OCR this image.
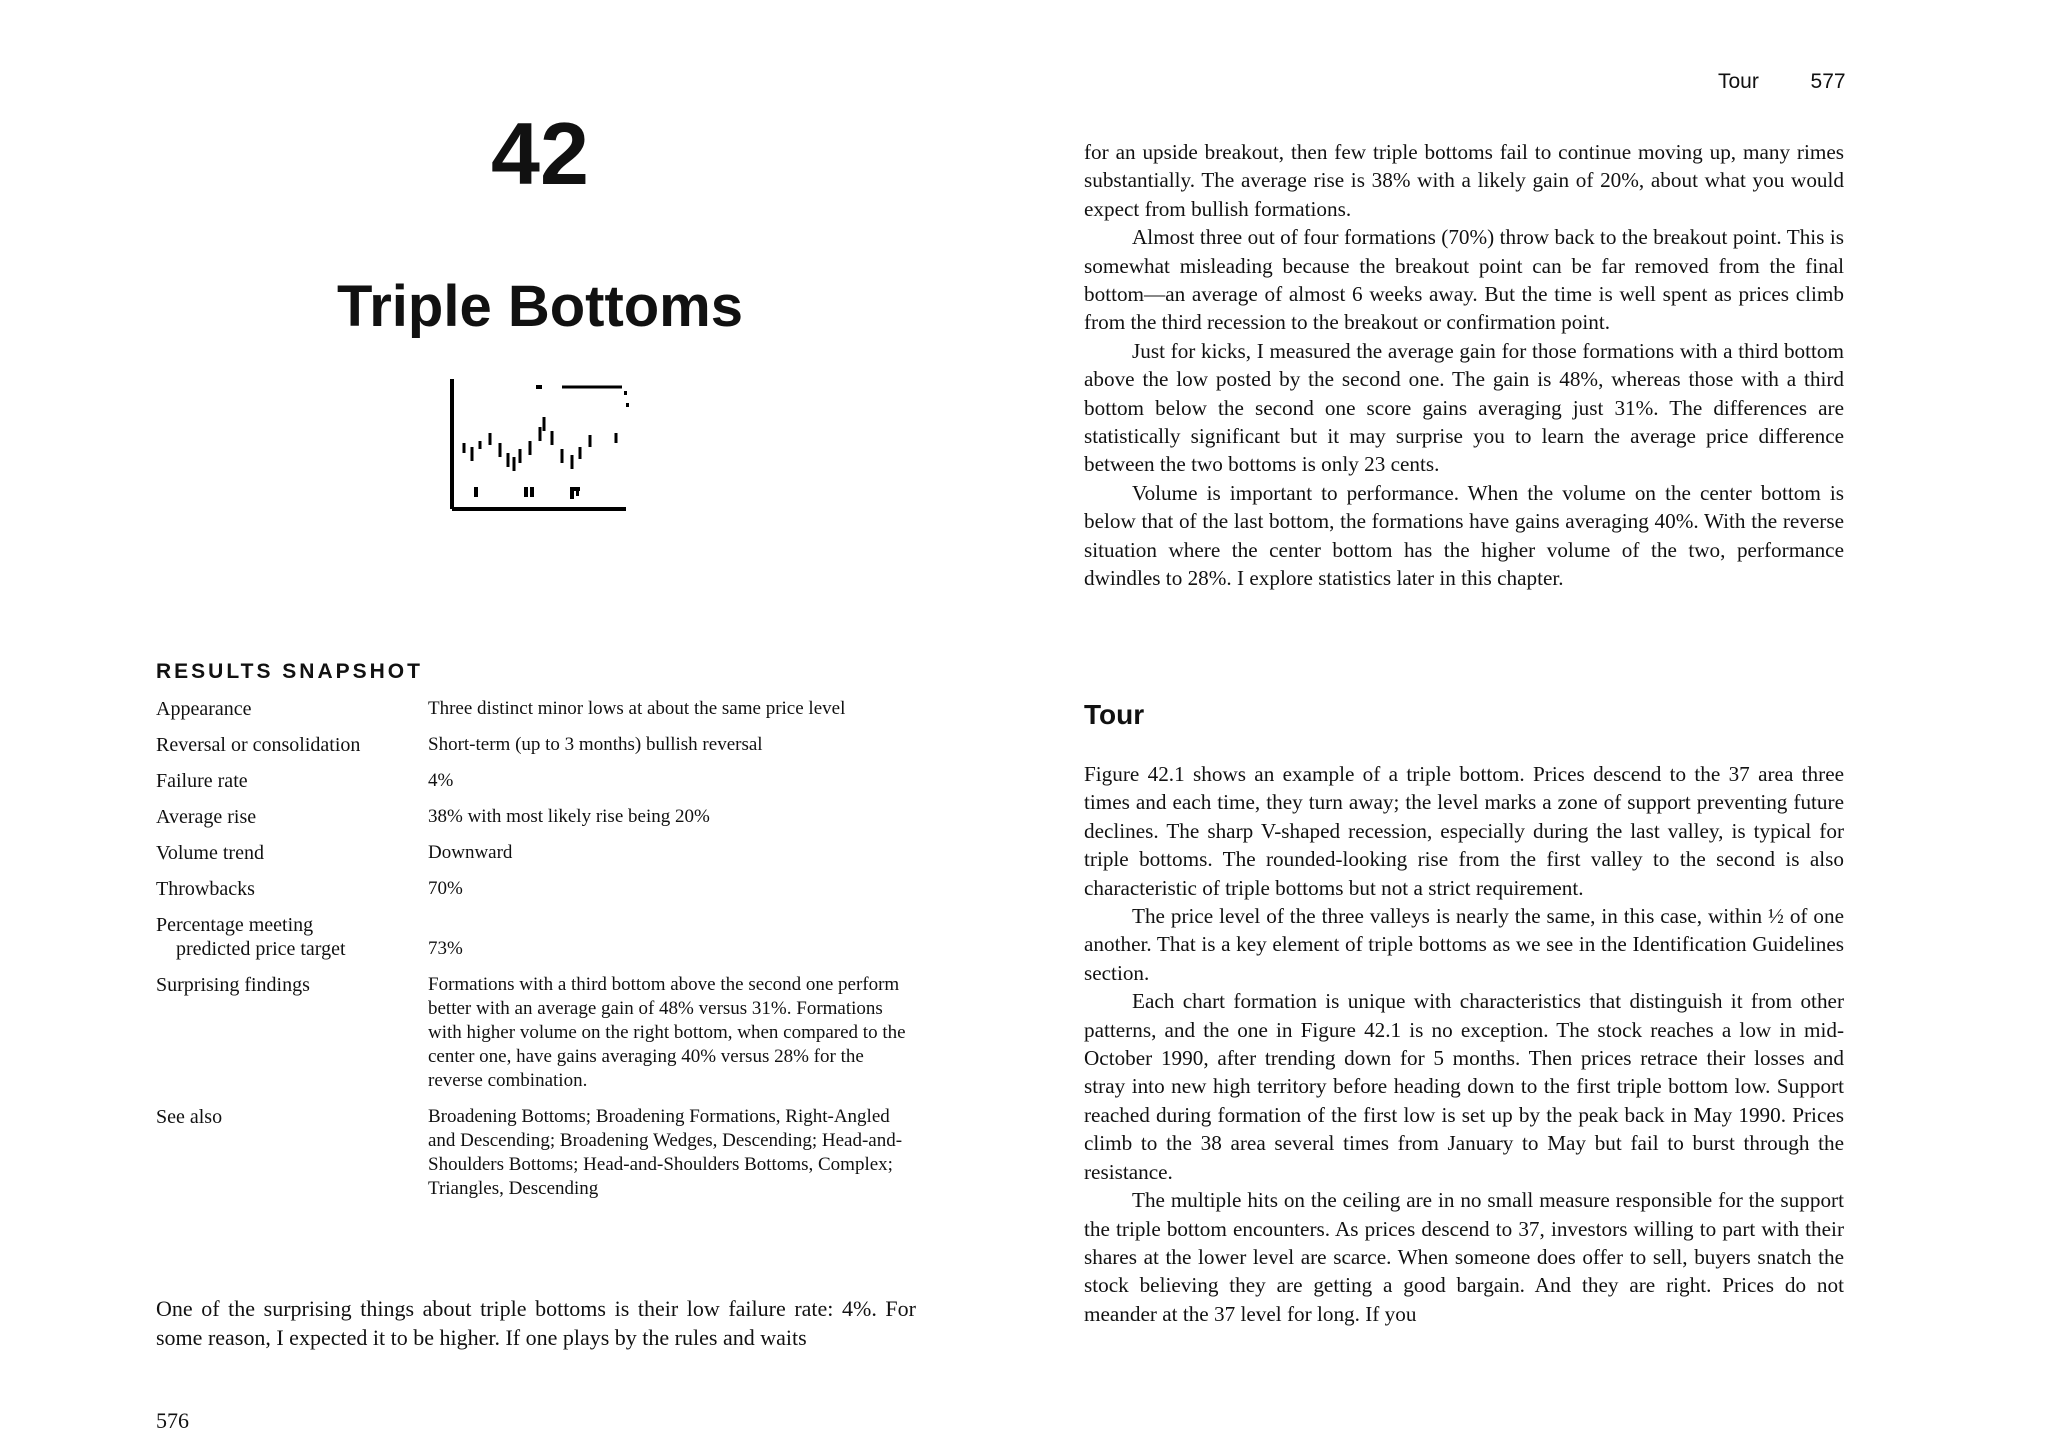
42
Triple Bottoms
RESULTS SNAPSHOT
Appearance	Three distinct minor lows at about the same price level
Reversal or consolidation	Short-term (up to 3 months) bullish reversal
Failure rate	4%
Average rise	38% with most likely rise being 20%
Volume trend	Downward
Throwbacks	70%
Percentage meeting
predicted price target	73%
Surprising findings	Formations with a third bottom above the second one perform better with an average gain of 48% versus 31%. Formations with higher volume on the right bottom, when compared to the center one, have gains averaging 40% versus 28% for the reverse combination.
See also	Broadening Bottoms; Broadening Formations, Right-Angled and Descending; Broadening Wedges, Descending; Head-and-Shoulders Bottoms; Head-and-Shoulders Bottoms, Complex; Triangles, Descending

One of the surprising things about triple bottoms is their low failure rate: 4%. For some reason, I expected it to be higher. If one plays by the rules and waits

576
Tour 577

for an upside breakout, then few triple bottoms fail to continue moving up, many rimes substantially. The average rise is 38% with a likely gain of 20%, about what you would expect from bullish formations.

Almost three out of four formations (70%) throw back to the breakout point. This is somewhat misleading because the breakout point can be far removed from the final bottom—an average of almost 6 weeks away. But the time is well spent as prices climb from the third recession to the breakout or confirmation point.

Just for kicks, I measured the average gain for those formations with a third bottom above the low posted by the second one. The gain is 48%, whereas those with a third bottom below the second one score gains averaging just 31%. The differences are statistically significant but it may surprise you to learn the average price difference between the two bottoms is only 23 cents.

Volume is important to performance. When the volume on the center bottom is below that of the last bottom, the formations have gains averaging 40%. With the reverse situation where the center bottom has the higher volume of the two, performance dwindles to 28%. I explore statistics later in this chapter.

Tour

Figure 42.1 shows an example of a triple bottom. Prices descend to the 37 area three times and each time, they turn away; the level marks a zone of support preventing future declines. The sharp V-shaped recession, especially during the last valley, is typical for triple bottoms. The rounded-looking rise from the first valley to the second is also characteristic of triple bottoms but not a strict requirement.

The price level of the three valleys is nearly the same, in this case, within ½ of one another. That is a key element of triple bottoms as we see in the Identification Guidelines section.

Each chart formation is unique with characteristics that distinguish it from other patterns, and the one in Figure 42.1 is no exception. The stock reaches a low in mid-October 1990, after trending down for 5 months. Then prices retrace their losses and stray into new high territory before heading down to the first triple bottom low. Support reached during formation of the first low is set up by the peak back in May 1990. Prices climb to the 38 area several times from January to May but fail to burst through the resistance.

The multiple hits on the ceiling are in no small measure responsible for the support the triple bottom encounters. As prices descend to 37, investors willing to part with their shares at the lower level are scarce. When someone does offer to sell, buyers snatch the stock believing they are getting a good bargain. And they are right. Prices do not meander at the 37 level for long. If you
